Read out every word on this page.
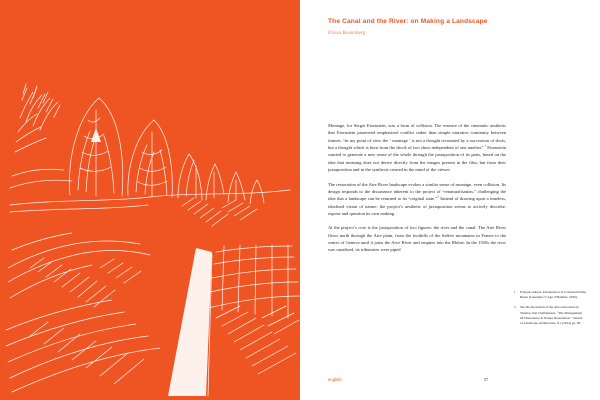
The Canal and the River: on Making a Landscape

Elissa Rosenberg

Montage, for Sergei Eisenstein, was a form of collision. The essence of the cinematic aesthetic that Eisenstein pioneered emphasised conflict rather than simple narrative continuity between frames: “in my point of view the ‘ montage ’ is not a thought recounted by a succession of shots, but a thought which is born from the shock of two shots independent of one another”.$^1$ Eisenstein wanted to generate a new sense of the whole through the juxtaposition of its parts, based on the idea that meaning does not derive directly from the images present in the film, but from their juxtaposition and in the synthesis created in the mind of the viewer.

The restoration of the Aire River landscape evokes a similar sense of montage, even collision. Its design responds to the dissonance inherent to the project of “renaturalisation,” challenging the idea that a landscape can be returned to its “original state.”$^2$ Instead of drawing upon a timeless, idealised vision of nature, the project’s aesthetic of juxtaposition seems to actively describe, expose and question its own making.

At the project’s core is the juxtaposition of two figures: the river and the canal. The Aire River flows north through the Aire plain, from the foothills of the Salève mountains in France to the center of Geneva until it joins the Arve River and empties into the Rhône. In the 1920s the river was canalised, its tributaries were piped

1	François Albera, Eisenstein et le Constructivisme Russe (Lausanne: L’Age d’Homme, 1990).
2	See the discussion of the Aire restoration by Thomas Juel Clemmensen, “The Management Of Dissonance in Nature Restoration,” Journal of Landscape Architecture, 9:1 (2014) pp. 83.
english	57
